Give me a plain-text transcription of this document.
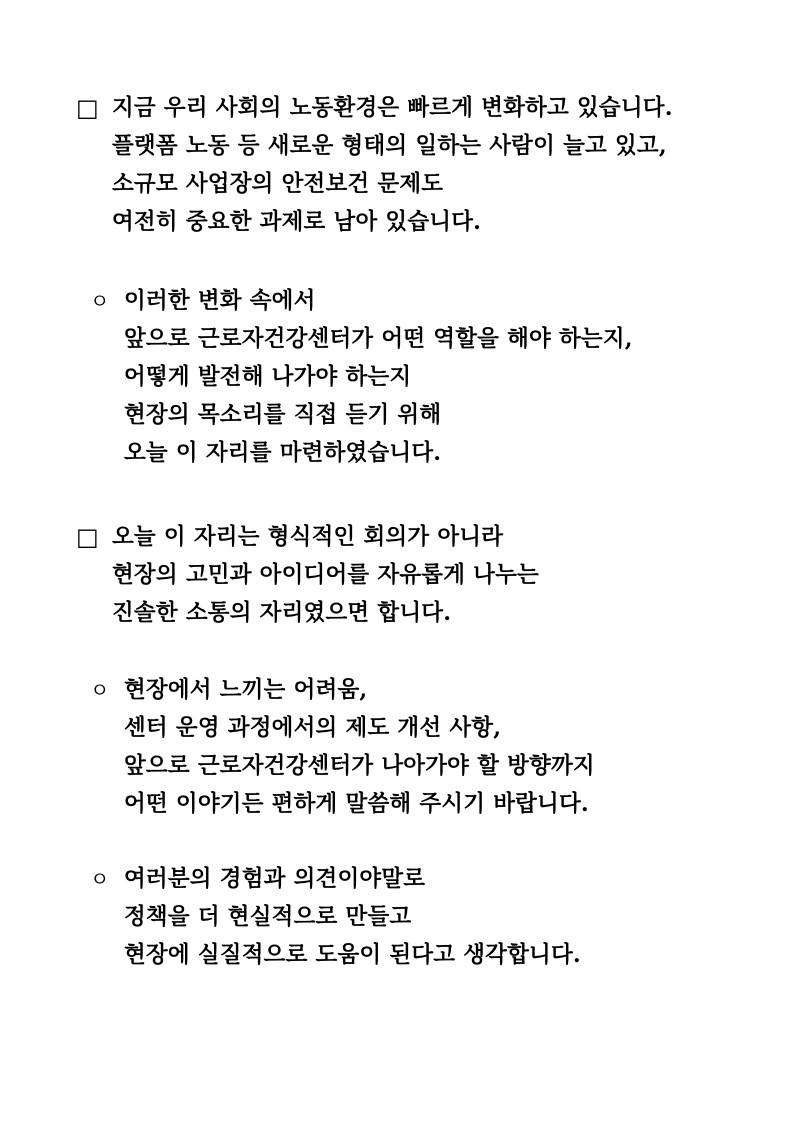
□ 지금 우리 사회의 노동환경은 빠르게 변화하고 있습니다.
플랫폼 노동 등 새로운 형태의 일하는 사람이 늘고 있고,
소규모 사업장의 안전보건 문제도
여전히 중요한 과제로 남아 있습니다.
ㅇ 이러한 변화 속에서
앞으로 근로자건강센터가 어떤 역할을 해야 하는지,
어떻게 발전해 나가야 하는지
현장의 목소리를 직접 듣기 위해
오늘 이 자리를 마련하였습니다.
□ 오늘 이 자리는 형식적인 회의가 아니라
현장의 고민과 아이디어를 자유롭게 나누는
진솔한 소통의 자리였으면 합니다.
ㅇ 현장에서 느끼는 어려움,
센터 운영 과정에서의 제도 개선 사항,
앞으로 근로자건강센터가 나아가야 할 방향까지
어떤 이야기든 편하게 말씀해 주시기 바랍니다.
ㅇ 여러분의 경험과 의견이야말로
정책을 더 현실적으로 만들고
현장에 실질적으로 도움이 된다고 생각합니다.
